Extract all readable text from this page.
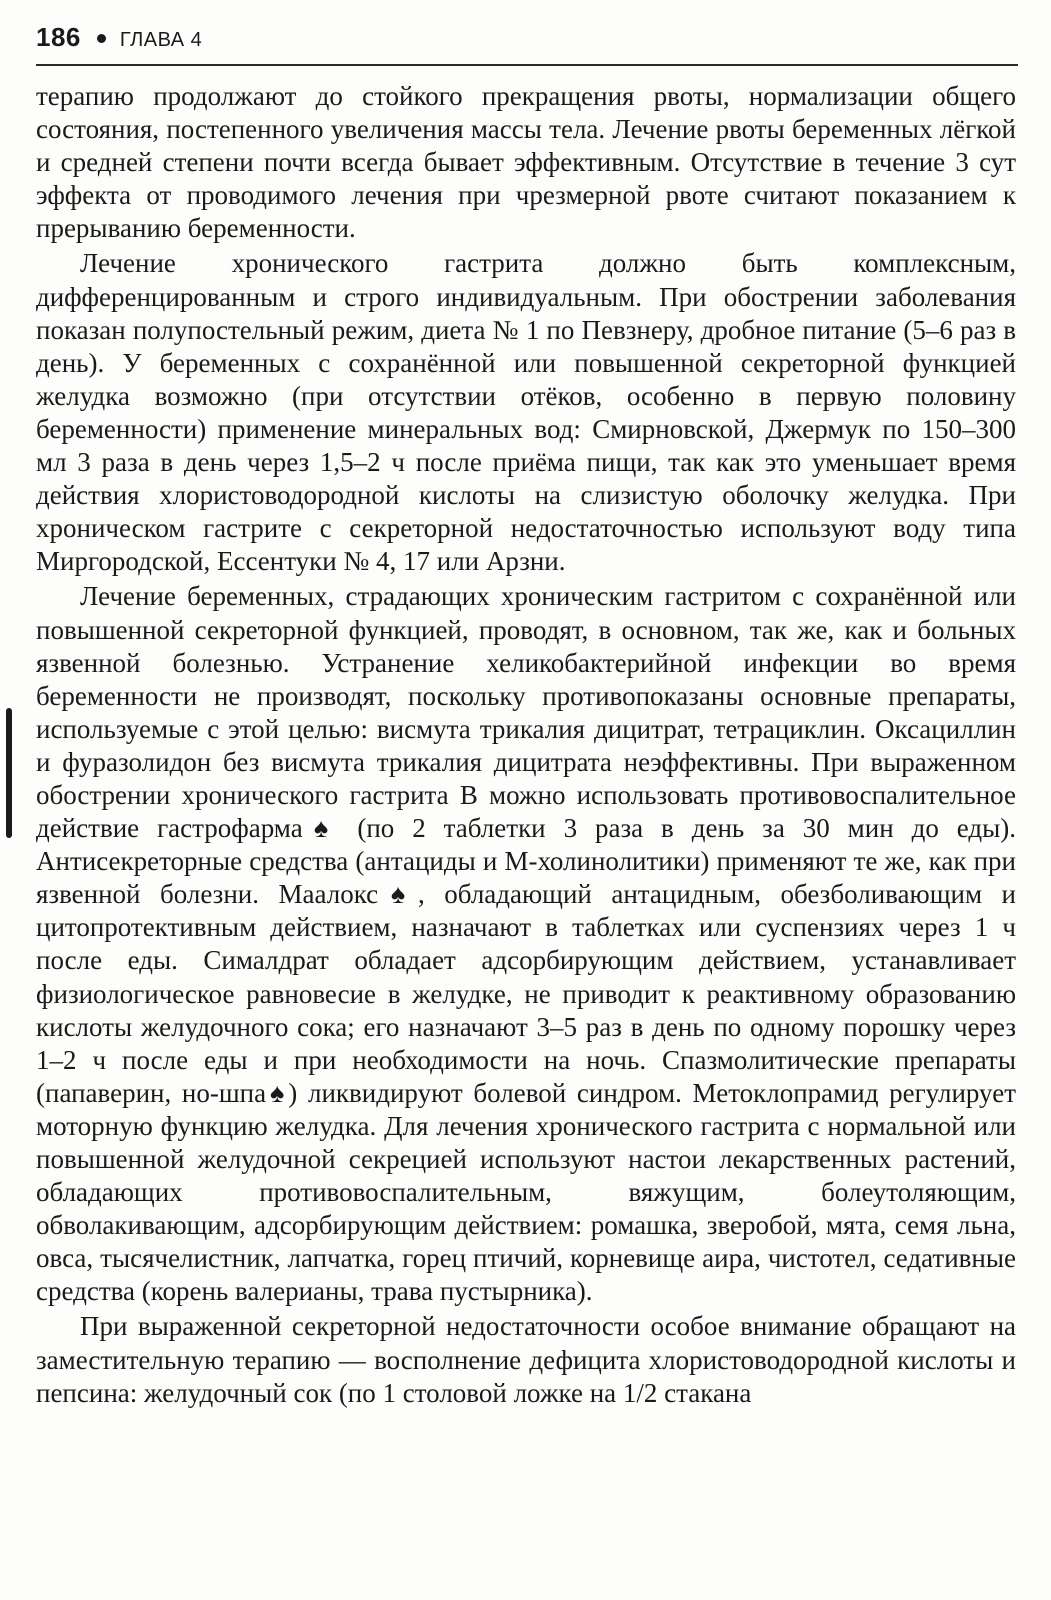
186 ГЛАВА 4

терапию продолжают до стойкого прекращения рвоты, нормализации общего состояния, постепенного увеличения массы тела. Лечение рвоты беременных лёгкой и средней степени почти всегда бывает эффективным. Отсутствие в течение 3 сут эффекта от проводимого лечения при чрезмерной рвоте считают показанием к прерыванию беременности.

Лечение хронического гастрита должно быть комплексным, дифференцированным и строго индивидуальным. При обострении заболевания показан полупостельный режим, диета № 1 по Певзнеру, дробное питание (5–6 раз в день). У беременных с сохранённой или повышенной секреторной функцией желудка возможно (при отсутствии отёков, особенно в первую половину беременности) применение минеральных вод: Смирновской, Джермук по 150–300 мл 3 раза в день через 1,5–2 ч после приёма пищи, так как это уменьшает время действия хлористоводородной кислоты на слизистую оболочку желудка. При хроническом гастрите с секреторной недостаточностью используют воду типа Миргородской, Ессентуки № 4, 17 или Арзни.

Лечение беременных, страдающих хроническим гастритом с сохранённой или повышенной секреторной функцией, проводят, в основном, так же, как и больных язвенной болезнью. Устранение хеликобактерийной инфекции во время беременности не производят, поскольку противопоказаны основные препараты, используемые с этой целью: висмута трикалия дицитрат, тетрациклин. Оксациллин и фуразолидон без висмута трикалия дицитрата неэффективны. При выраженном обострении хронического гастрита В можно использовать противовоспалительное действие гастрофарма♠ (по 2 таблетки 3 раза в день за 30 мин до еды). Антисекреторные средства (антациды и М-холинолитики) применяют те же, как при язвенной болезни. Маалокс♠, обладающий антацидным, обезболивающим и цитопротективным действием, назначают в таблетках или суспензиях через 1 ч после еды. Сималдрат обладает адсорбирующим действием, устанавливает физиологическое равновесие в желудке, не приводит к реактивному образованию кислоты желудочного сока; его назначают 3–5 раз в день по одному порошку через 1–2 ч после еды и при необходимости на ночь. Спазмолитические препараты (папаверин, но-шпа♠) ликвидируют болевой синдром. Метоклопрамид регулирует моторную функцию желудка. Для лечения хронического гастрита с нормальной или повышенной желудочной секрецией используют настои лекарственных растений, обладающих противовоспалительным, вяжущим, болеутоляющим, обволакивающим, адсорбирующим действием: ромашка, зверобой, мята, семя льна, овса, тысячелистник, лапчатка, горец птичий, корневище аира, чистотел, седативные средства (корень валерианы, трава пустырника).

При выраженной секреторной недостаточности особое внимание обращают на заместительную терапию — восполнение дефицита хлористоводородной кислоты и пепсина: желудочный сок (по 1 столовой ложке на 1/2 стакана
